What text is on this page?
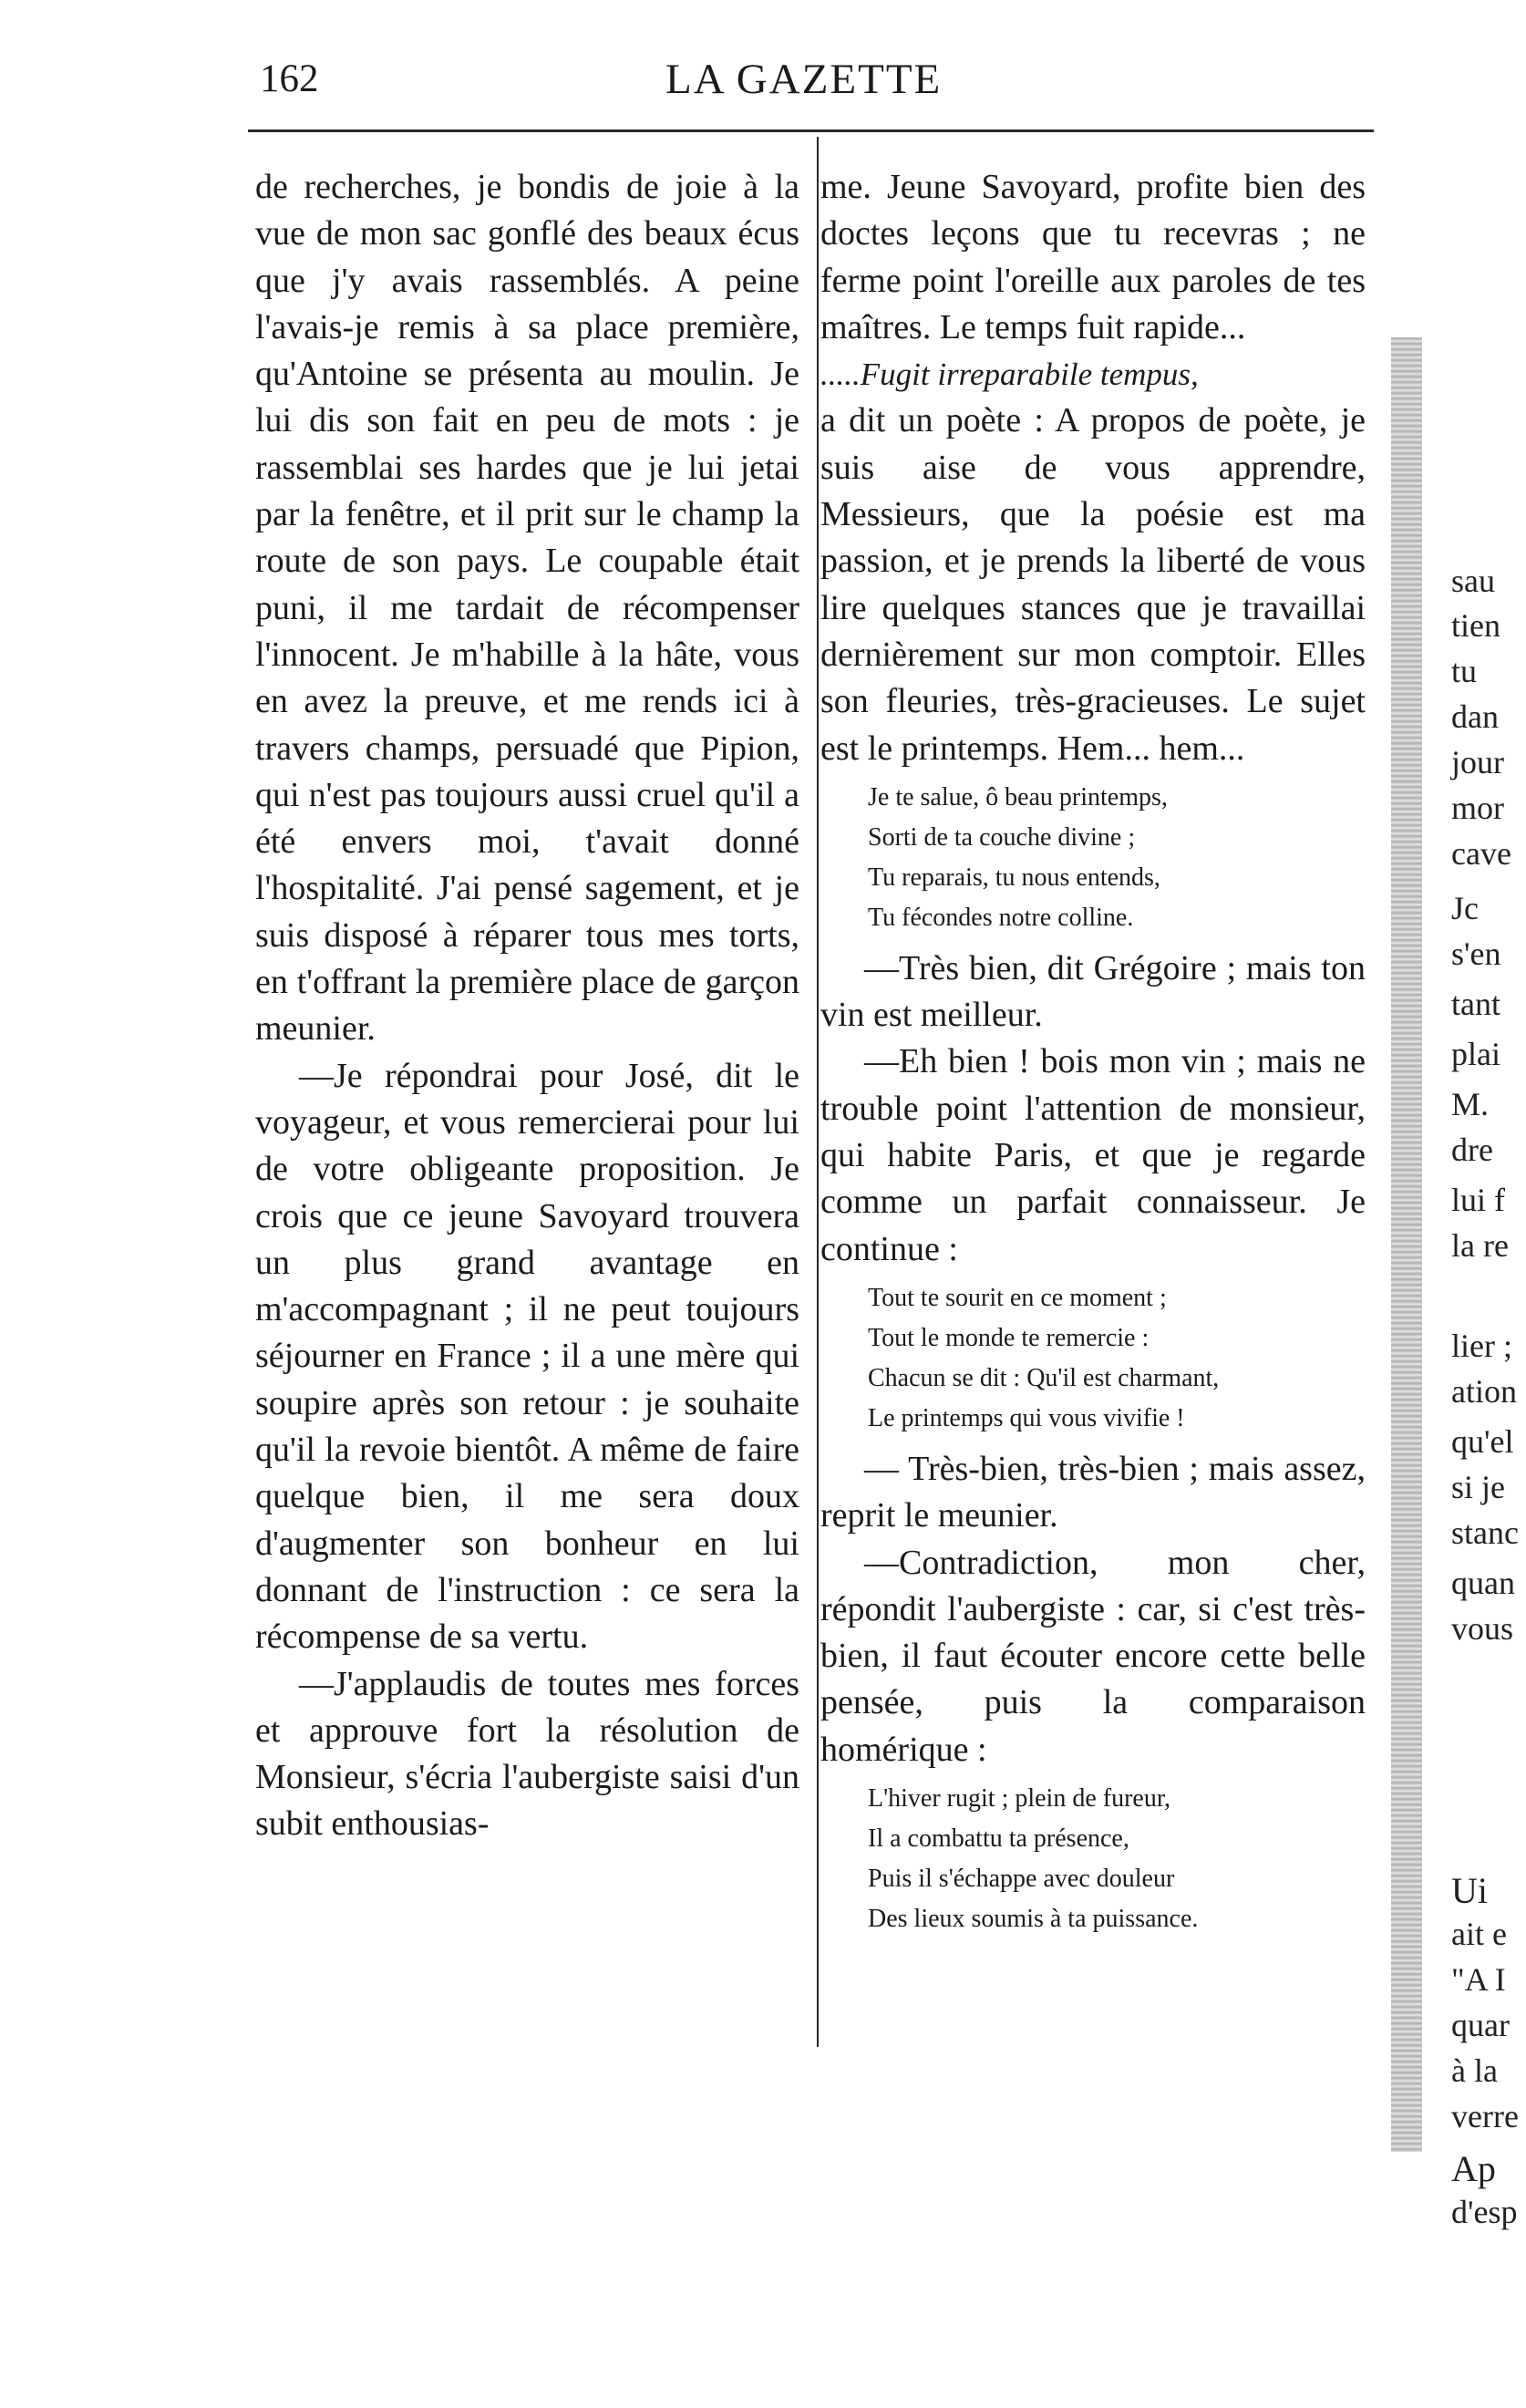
162	LA GAZETTE

de recherches, je bondis de joie à la vue de mon sac gonflé des beaux écus que j'y avais rassemblés. A peine l'avais-je remis à sa place première, qu'Antoine se présenta au moulin. Je lui dis son fait en peu de mots : je rassemblai ses hardes que je lui jetai par la fenêtre, et il prit sur le champ la route de son pays. Le coupable était puni, il me tardait de récompenser l'innocent. Je m'habille à la hâte, vous en avez la preuve, et me rends ici à travers champs, persuadé que Pipion, qui n'est pas toujours aussi cruel qu'il a été envers moi, t'avait donné l'hospitalité. J'ai pensé sagement, et je suis disposé à réparer tous mes torts, en t'offrant la première place de garçon meunier.

—Je répondrai pour José, dit le voyageur, et vous remercierai pour lui de votre obligeante proposition. Je crois que ce jeune Savoyard trouvera un plus grand avantage en m'accompagnant ; il ne peut toujours séjourner en France ; il a une mère qui soupire après son retour : je souhaite qu'il la revoie bientôt. A même de faire quelque bien, il me sera doux d'augmenter son bonheur en lui donnant de l'instruction : ce sera la récompense de sa vertu.

—J'applaudis de toutes mes forces et approuve fort la résolution de Monsieur, s'écria l'aubergiste saisi d'un subit enthousias-

me. Jeune Savoyard, profite bien des doctes leçons que tu recevras ; ne ferme point l'oreille aux paroles de tes maîtres. Le temps fuit rapide...

.....Fugit irreparabile tempus,

a dit un poète : A propos de poète, je suis aise de vous apprendre, Messieurs, que la poésie est ma passion, et je prends la liberté de vous lire quelques stances que je travaillai dernièrement sur mon comptoir. Elles son fleuries, très-gracieuses. Le sujet est le printemps. Hem... hem...

Je te salue, ô beau printemps,
Sorti de ta couche divine ;
Tu reparais, tu nous entends,
Tu fécondes notre colline.

—Très bien, dit Grégoire ; mais ton vin est meilleur.

—Eh bien ! bois mon vin ; mais ne trouble point l'attention de monsieur, qui habite Paris, et que je regarde comme un parfait connaisseur. Je continue :

Tout te sourit en ce moment ;
Tout le monde te remercie :
Chacun se dit : Qu'il est charmant,
Le printemps qui vous vivifie !

— Très-bien, très-bien ; mais assez, reprit le meunier.

—Contradiction, mon cher, répondit l'aubergiste : car, si c'est très-bien, il faut écouter encore cette belle pensée, puis la comparaison homérique :

L'hiver rugit ; plein de fureur,
Il a combattu ta présence,
Puis il s'échappe avec douleur
Des lieux soumis à ta puissance.
sau
tien
tu
dan
jour
mor
cave
Jc
s'en
tant
plai
M.
dre
lui f
la re
lier ;
ation
qu'el
si je
stanc
quan
vous
Ui
ait e
"A I
quar
à la
verre
Ap
d'esp
